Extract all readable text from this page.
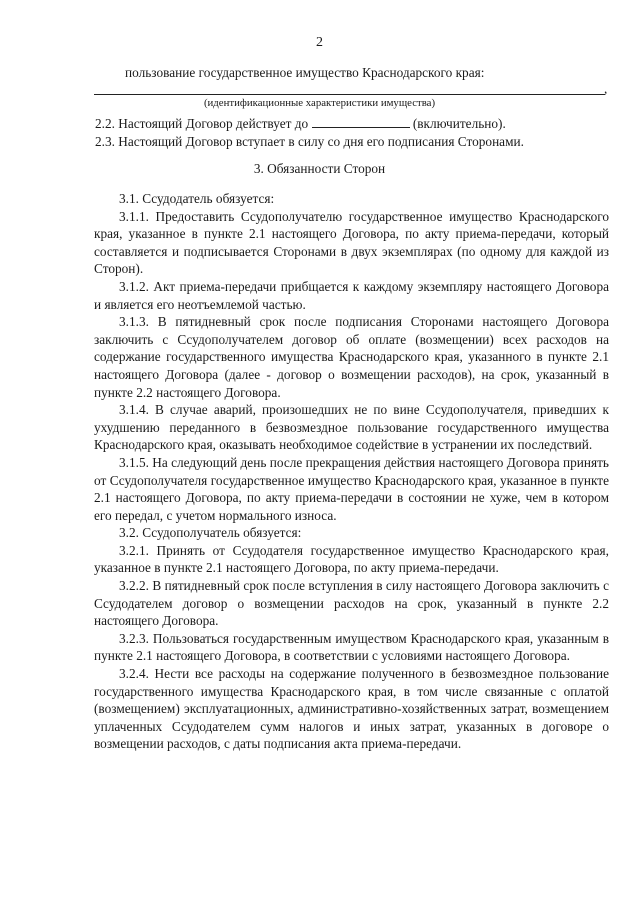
2
пользование государственное имущество Краснодарского края:
,
(идентификационные характеристики имущества)
2.2. Настоящий Договор действует до	(включительно).
2.3. Настоящий Договор вступает в силу со дня его подписания Сторонами.
3. Обязанности Сторон

3.1. Ссудодатель обязуется:

3.1.1. Предоставить Ссудополучателю государственное имущество Краснодарского края, указанное в пункте 2.1 настоящего Договора, по акту приема-передачи, который составляется и подписывается Сторонами в двух экземплярах (по одному для каждой из Сторон).

3.1.2. Акт приема-передачи прибщается к каждому экземпляру настоящего Договора и является его неотъемлемой частью.

3.1.3. В пятидневный срок после подписания Сторонами настоящего Договора заключить с Ссудополучателем договор об оплате (возмещении) всех расходов на содержание государственного имущества Краснодарского края, указанного в пункте 2.1 настоящего Договора (далее - договор о возмещении расходов), на срок, указанный в пункте 2.2 настоящего Договора.

3.1.4. В случае аварий, произошедших не по вине Ссудополучателя, приведших к ухудшению переданного в безвозмездное пользование государственного имущества Краснодарского края, оказывать необходимое содействие в устранении их последствий.

3.1.5. На следующий день после прекращения действия настоящего Договора принять от Ссудополучателя государственное имущество Краснодарского края, указанное в пункте 2.1 настоящего Договора, по акту приема-передачи в состоянии не хуже, чем в котором его передал, с учетом нормального износа.

3.2. Ссудополучатель обязуется:

3.2.1. Принять от Ссудодателя государственное имущество Краснодарского края, указанное в пункте 2.1 настоящего Договора, по акту приема-передачи.

3.2.2. В пятидневный срок после вступления в силу настоящего Договора заключить с Ссудодателем договор о возмещении расходов на срок, указанный в пункте 2.2 настоящего Договора.

3.2.3. Пользоваться государственным имуществом Краснодарского края, указанным в пункте 2.1 настоящего Договора, в соответствии с условиями настоящего Договора.

3.2.4. Нести все расходы на содержание полученного в безвозмездное пользование государственного имущества Краснодарского края, в том числе связанные с оплатой (возмещением) эксплуатационных, административно-хозяйственных затрат, возмещением уплаченных Ссудодателем сумм налогов и иных затрат, указанных в договоре о возмещении расходов, с даты подписания акта приема-передачи.
